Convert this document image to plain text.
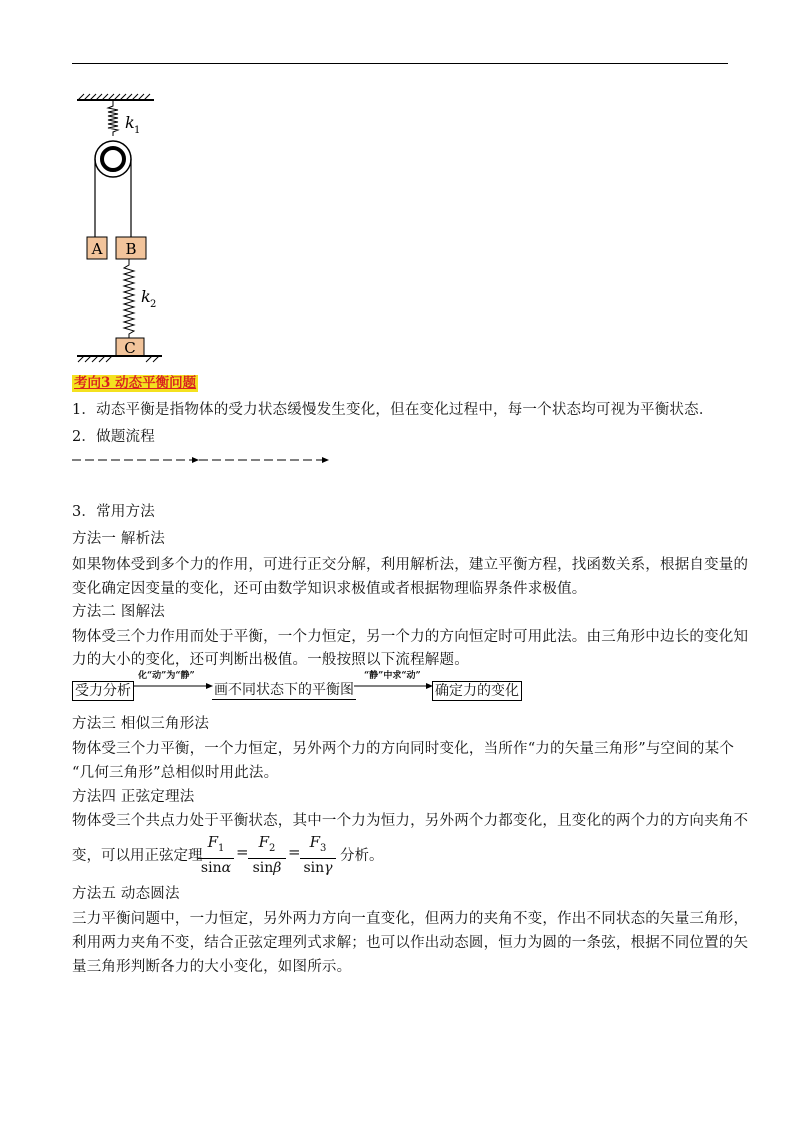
k 1
A B
k 2
C
考向3 动态平衡问题
1．动态平衡是指物体的受力状态缓慢发生变化，但在变化过程中，每一个状态均可视为平衡状态．
2．做题流程
3．常用方法
方法一 解析法
如果物体受到多个力的作用，可进行正交分解，利用解析法，建立平衡方程，找函数关系，根据自变量的
变化确定因变量的变化，还可由数学知识求极值或者根据物理临界条件求极值。
方法二 图解法
物体受三个力作用而处于平衡，一个力恒定，另一个力的方向恒定时可用此法。由三角形中边长的变化知
力的大小的变化，还可判断出极值。一般按照以下流程解题。
受力分析
化“动”为“静”
画不同状态下的平衡图
“静”中求“动”
确定力的变化
方法三 相似三角形法
物体受三个力平衡，一个力恒定，另外两个力的方向同时变化，当所作“力的矢量三角形”与空间的某个
“几何三角形”总相似时用此法。
方法四 正弦定理法
物体受三个共点力处于平衡状态，其中一个力为恒力，另外两个力都变化，且变化的两个力的方向夹角不
变，可以用正弦定理
$F_1$
sinα
=
$F_2$
sinβ
=
$F_3$
sinγ
分析。
方法五 动态圆法
三力平衡问题中，一力恒定，另外两力方向一直变化，但两力的夹角不变，作出不同状态的矢量三角形，
利用两力夹角不变，结合正弦定理列式求解；也可以作出动态圆，恒力为圆的一条弦，根据不同位置的矢
量三角形判断各力的大小变化，如图所示。
